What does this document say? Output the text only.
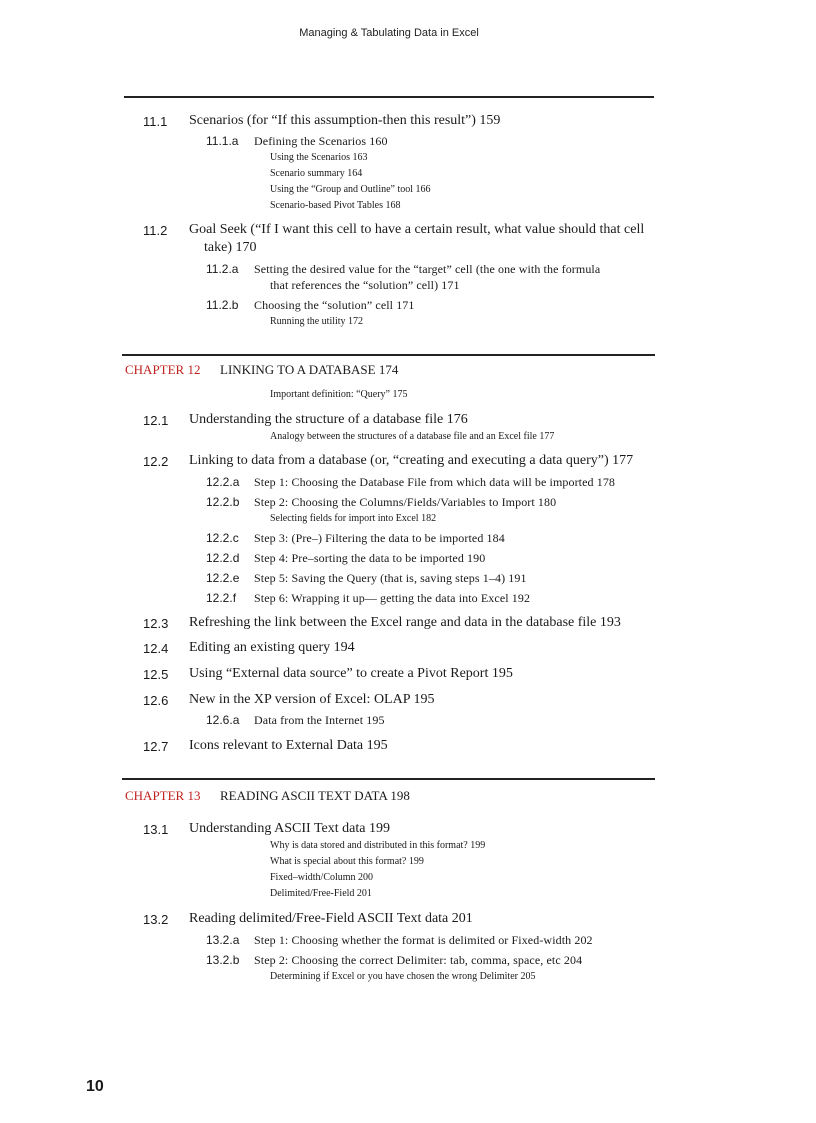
Managing & Tabulating Data in Excel
11.1 Scenarios (for “If this assumption-then this result”) 159
11.1.a Defining the Scenarios 160
Using the Scenarios 163
Scenario summary 164
Using the “Group and Outline” tool 166
Scenario-based Pivot Tables 168
11.2 Goal Seek (“If I want this cell to have a certain result, what value should that cell
take) 170
11.2.a Setting the desired value for the “target” cell (the one with the formula
that references the “solution” cell) 171
11.2.b Choosing the “solution” cell 171
Running the utility 172
CHAPTER 12 LINKING TO A DATABASE 174
Important definition: “Query” 175
12.1 Understanding the structure of a database file 176
Analogy between the structures of a database file and an Excel file 177
12.2 Linking to data from a database (or, “creating and executing a data query”) 177
12.2.a Step 1: Choosing the Database File from which data will be imported 178
12.2.b Step 2: Choosing the Columns/Fields/Variables to Import 180
Selecting fields for import into Excel 182
12.2.c Step 3: (Pre–) Filtering the data to be imported 184
12.2.d Step 4: Pre–sorting the data to be imported 190
12.2.e Step 5: Saving the Query (that is, saving steps 1–4) 191
12.2.f Step 6: Wrapping it up— getting the data into Excel 192
12.3 Refreshing the link between the Excel range and data in the database file 193
12.4 Editing an existing query 194
12.5 Using “External data source” to create a Pivot Report 195
12.6 New in the XP version of Excel: OLAP 195
12.6.a Data from the Internet 195
12.7 Icons relevant to External Data 195
CHAPTER 13 READING ASCII TEXT DATA 198
13.1 Understanding ASCII Text data 199
Why is data stored and distributed in this format? 199
What is special about this format? 199
Fixed–width/Column 200
Delimited/Free-Field 201
13.2 Reading delimited/Free-Field ASCII Text data 201
13.2.a Step 1: Choosing whether the format is delimited or Fixed-width 202
13.2.b Step 2: Choosing the correct Delimiter: tab, comma, space, etc 204
Determining if Excel or you have chosen the wrong Delimiter 205
10
